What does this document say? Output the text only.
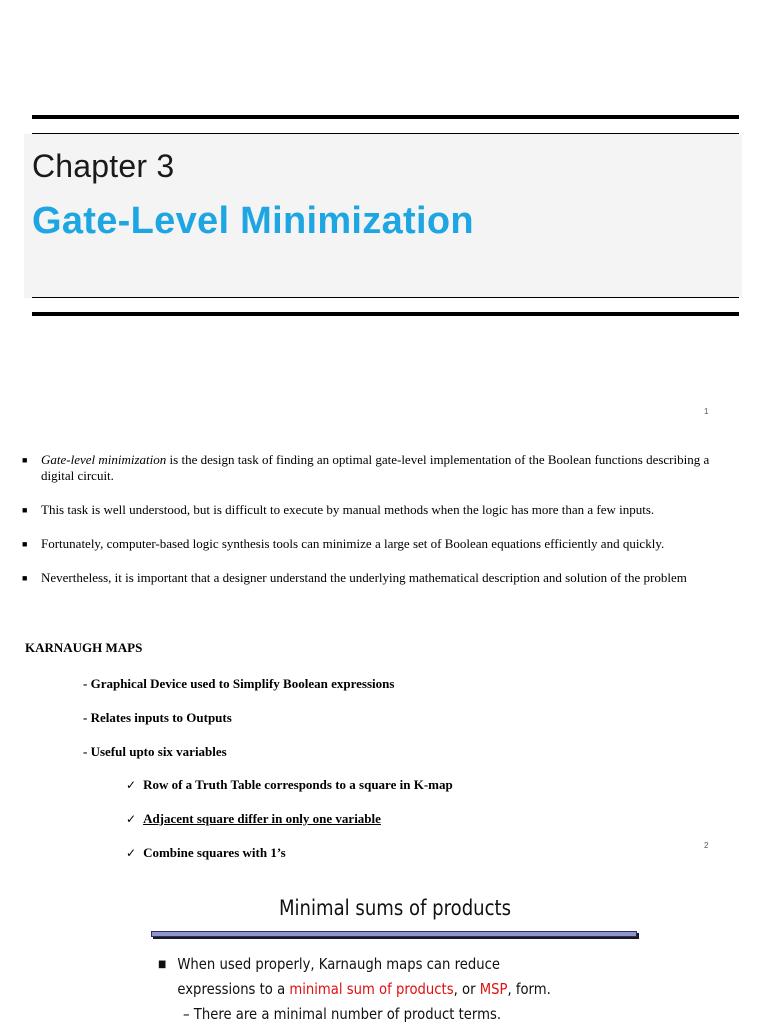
Chapter 3
Gate-Level Minimization
1
■ Gate-level minimization is the design task of finding an optimal gate-level implementation of the Boolean functions describing a digital circuit.
■ This task is well understood, but is difficult to execute by manual methods when the logic has more than a few inputs.
■ Fortunately, computer-based logic synthesis tools can minimize a large set of Boolean equations efficiently and quickly.
■ Nevertheless, it is important that a designer understand the underlying mathematical description and solution of the problem
KARNAUGH MAPS
- Graphical Device used to Simplify Boolean expressions
- Relates inputs to Outputs
- Useful upto six variables
✓ Row of a Truth Table corresponds to a square in K-map
✓ Adjacent square differ in only one variable
✓ Combine squares with 1’s	2
Minimal sums of products
■ When used properly, Karnaugh maps can reduce expressions to a minimal sum of products, or MSP, form.
– There are a minimal number of product terms.
